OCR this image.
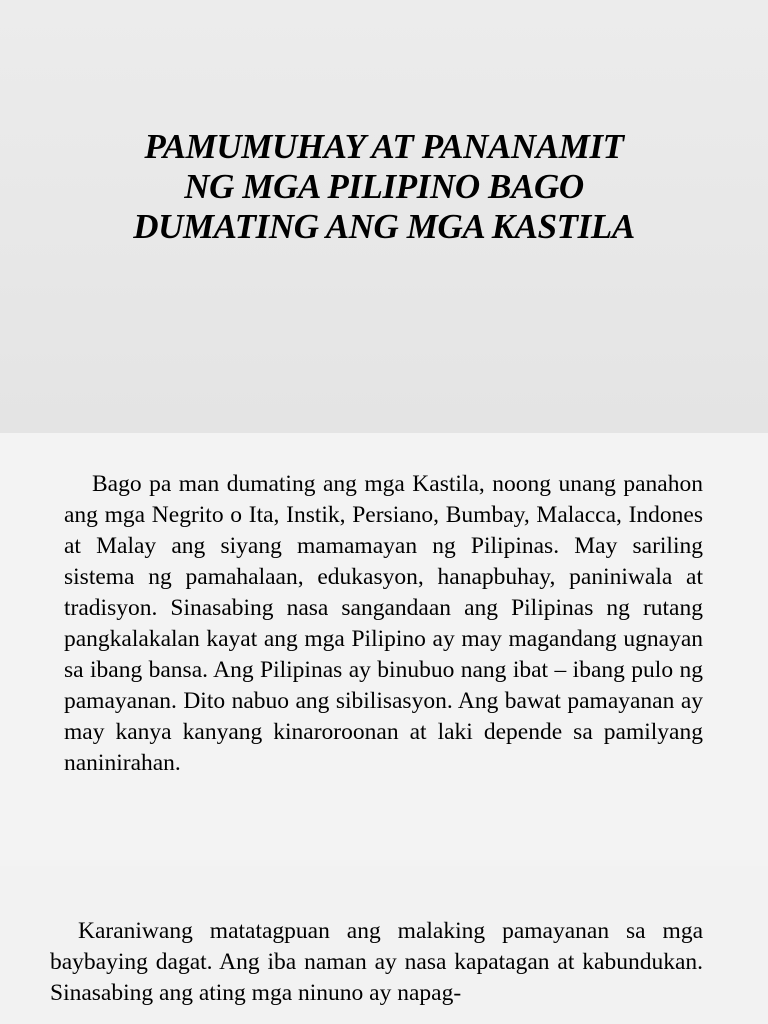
PAMUMUHAY AT PANANAMIT
NG MGA PILIPINO BAGO
DUMATING ANG MGA KASTILA

Bago pa man dumating ang mga Kastila, noong unang panahon ang mga Negrito o Ita, Instik, Persiano, Bumbay, Malacca, Indones at Malay ang siyang mamamayan ng Pilipinas. May sariling sistema ng pamahalaan, edukasyon, hanapbuhay, paniniwala at tradisyon. Sinasabing nasa sangandaan ang Pilipinas ng rutang pangkalakalan kayat ang mga Pilipino ay may magandang ugnayan sa ibang bansa. Ang Pilipinas ay binubuo nang ibat – ibang pulo ng pamayanan. Dito nabuo ang sibilisasyon. Ang bawat pamayanan ay may kanya kanyang kinaroroonan at laki depende sa pamilyang naninirahan.

Karaniwang matatagpuan ang malaking pamayanan sa mga baybaying dagat. Ang iba naman ay nasa kapatagan at kabundukan. Sinasabing ang ating mga ninuno ay napag-
